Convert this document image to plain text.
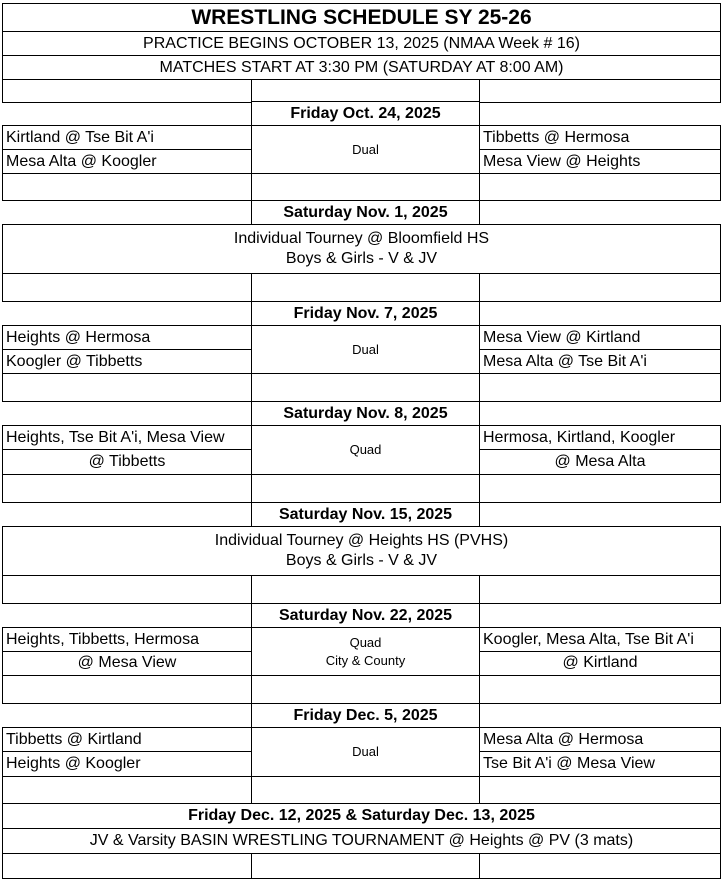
WRESTLING SCHEDULE SY 25-26
PRACTICE BEGINS OCTOBER 13, 2025 (NMAA Week # 16)
MATCHES START AT 3:30 PM (SATURDAY AT 8:00 AM)
Friday Oct. 24, 2025
Kirtland @ Tse Bit A'i
Mesa Alta @ Koogler
Dual
Tibbetts @ Hermosa
Mesa View @ Heights
Saturday Nov. 1, 2025
Individual Tourney @ Bloomfield HS
Boys & Girls - V & JV
Friday Nov. 7, 2025
Heights @ Hermosa
Koogler @ Tibbetts
Dual
Mesa View @ Kirtland
Mesa Alta @ Tse Bit A'i
Saturday Nov. 8, 2025
Heights, Tse Bit A'i, Mesa View
@ Tibbetts
Quad
Hermosa, Kirtland, Koogler
@ Mesa Alta
Saturday Nov. 15, 2025
Individual Tourney @ Heights HS (PVHS)
Boys & Girls - V & JV
Saturday Nov. 22, 2025
Heights, Tibbetts, Hermosa
@ Mesa View
Quad
City & County
Koogler, Mesa Alta, Tse Bit A'i
@ Kirtland
Friday Dec. 5, 2025
Tibbetts @ Kirtland
Heights @ Koogler
Dual
Mesa Alta @ Hermosa
Tse Bit A'i @ Mesa View
Friday Dec. 12, 2025 & Saturday Dec. 13, 2025
JV & Varsity BASIN WRESTLING TOURNAMENT @ Heights @ PV (3 mats)
